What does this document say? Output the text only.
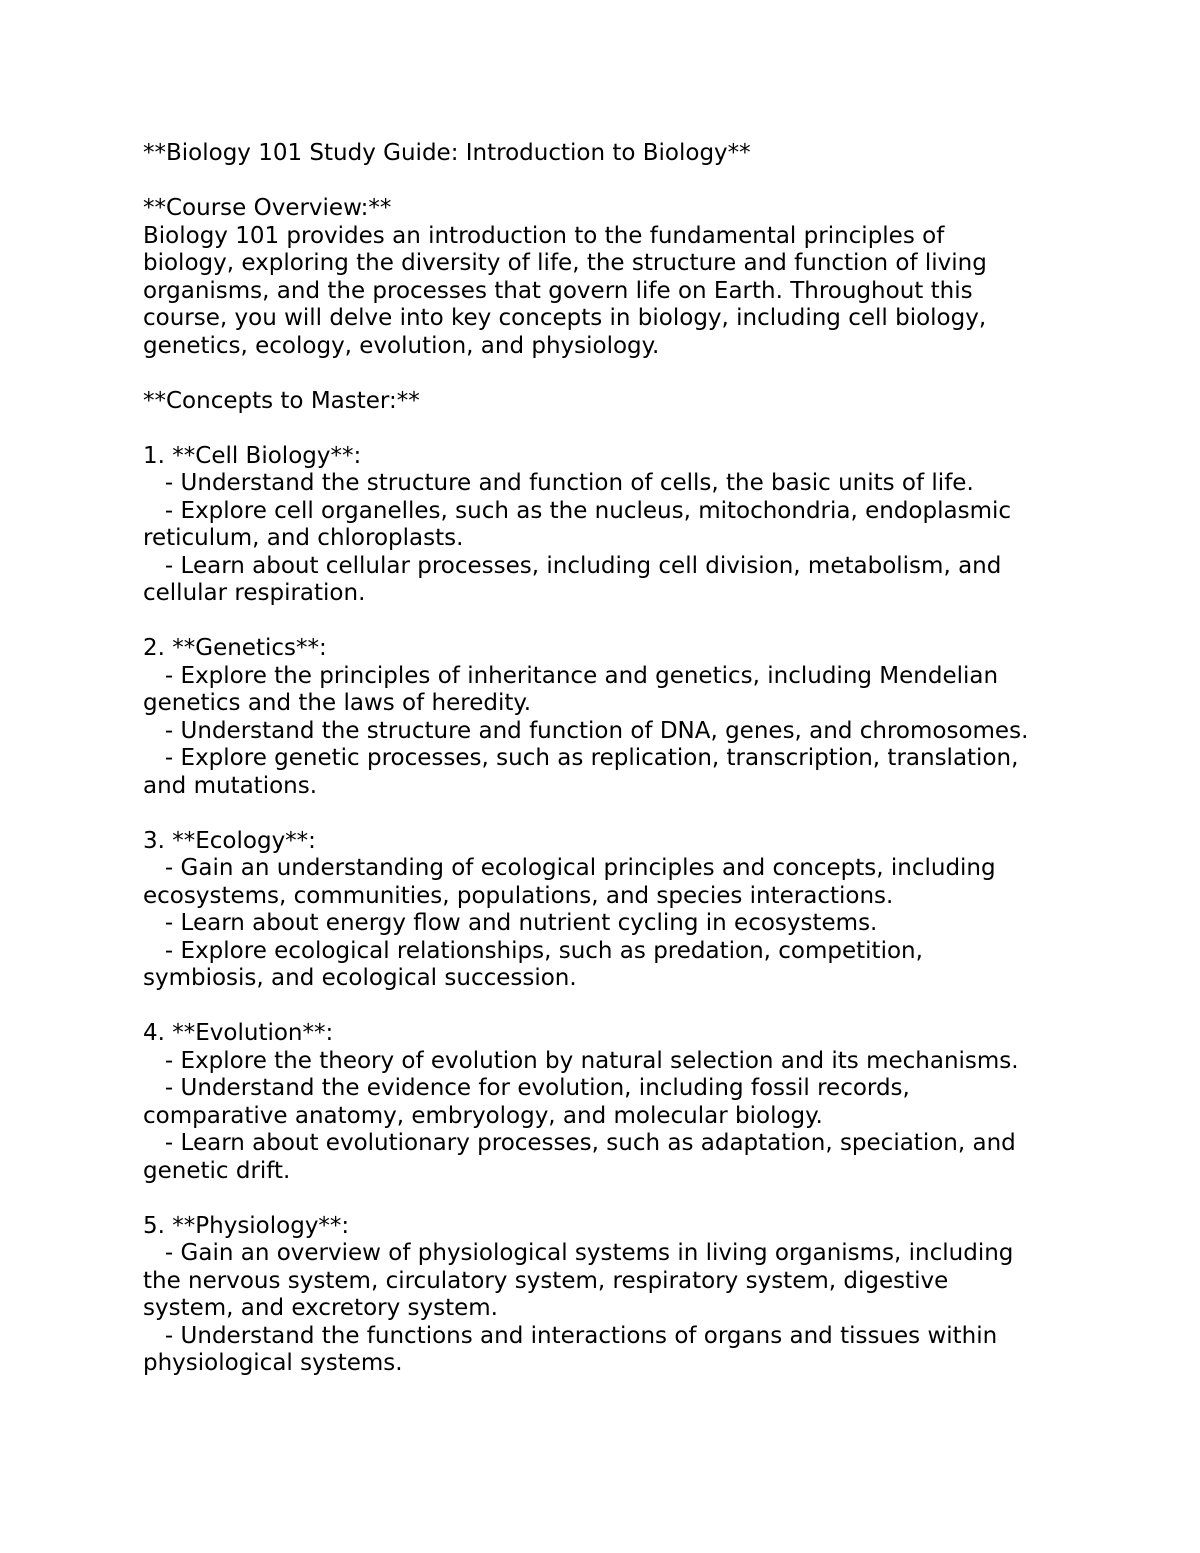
**Biology 101 Study Guide: Introduction to Biology**
**Course Overview:**
Biology 101 provides an introduction to the fundamental principles of
biology, exploring the diversity of life, the structure and function of living
organisms, and the processes that govern life on Earth. Throughout this
course, you will delve into key concepts in biology, including cell biology,
genetics, ecology, evolution, and physiology.
**Concepts to Master:**
1. **Cell Biology**:
- Understand the structure and function of cells, the basic units of life.
- Explore cell organelles, such as the nucleus, mitochondria, endoplasmic
reticulum, and chloroplasts.
- Learn about cellular processes, including cell division, metabolism, and
cellular respiration.
2. **Genetics**:
- Explore the principles of inheritance and genetics, including Mendelian
genetics and the laws of heredity.
- Understand the structure and function of DNA, genes, and chromosomes.
- Explore genetic processes, such as replication, transcription, translation,
and mutations.
3. **Ecology**:
- Gain an understanding of ecological principles and concepts, including
ecosystems, communities, populations, and species interactions.
- Learn about energy flow and nutrient cycling in ecosystems.
- Explore ecological relationships, such as predation, competition,
symbiosis, and ecological succession.
4. **Evolution**:
- Explore the theory of evolution by natural selection and its mechanisms.
- Understand the evidence for evolution, including fossil records,
comparative anatomy, embryology, and molecular biology.
- Learn about evolutionary processes, such as adaptation, speciation, and
genetic drift.
5. **Physiology**:
- Gain an overview of physiological systems in living organisms, including
the nervous system, circulatory system, respiratory system, digestive
system, and excretory system.
- Understand the functions and interactions of organs and tissues within
physiological systems.
